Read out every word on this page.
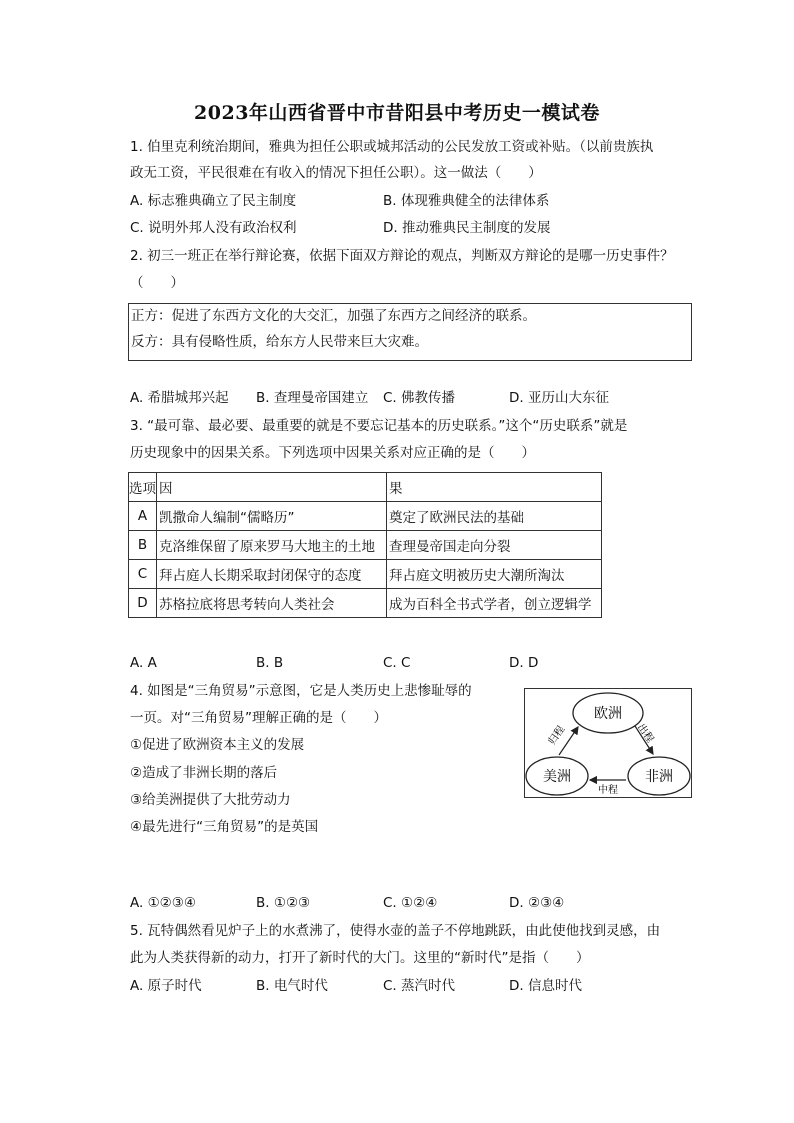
2023年山西省晋中市昔阳县中考历史一模试卷
1. 伯里克利统治期间，雅典为担任公职或城邦活动的公民发放工资或补贴。（以前贵族执
政无工资，平民很难在有收入的情况下担任公职）。这一做法（　　）
A. 标志雅典确立了民主制度	B. 体现雅典健全的法律体系
C. 说明外邦人没有政治权利	D. 推动雅典民主制度的发展
2. 初三一班正在举行辩论赛，依据下面双方辩论的观点，判断双方辩论的是哪一历史事件？
（　　）
正方：促进了东西方文化的大交汇，加强了东西方之间经济的联系。
反方：具有侵略性质，给东方人民带来巨大灾难。
A. 希腊城邦兴起 B. 查理曼帝国建立 C. 佛教传播	D. 亚历山大东征
3. “最可靠、最必要、最重要的就是不要忘记基本的历史联系。”这个“历史联系”就是
历史现象中的因果关系。下列选项中因果关系对应正确的是（　　）
选项	因	果
A	凯撒命人编制“儒略历”	奠定了欧洲民法的基础
B	克洛维保留了原来罗马大地主的土地	查理曼帝国走向分裂
C	拜占庭人长期采取封闭保守的态度	拜占庭文明被历史大潮所淘汰
D	苏格拉底将思考转向人类社会	成为百科全书式学者，创立逻辑学
A. A	B. B	C. C	D. D
4. 如图是“三角贸易”示意图，它是人类历史上悲惨耻辱的
一页。对“三角贸易”理解正确的是（　　）
①促进了欧洲资本主义的发展
②造成了非洲长期的落后
③给美洲提供了大批劳动力
④最先进行“三角贸易”的是英国
欧洲
美洲	非洲
出程
中程
归程
A. ①②③④	B. ①②③	C. ①②④	D. ②③④
5. 瓦特偶然看见炉子上的水煮沸了，使得水壶的盖子不停地跳跃，由此使他找到灵感，由
此为人类获得新的动力，打开了新时代的大门。这里的“新时代”是指（　　）
A. 原子时代	B. 电气时代	C. 蒸汽时代	D. 信息时代
